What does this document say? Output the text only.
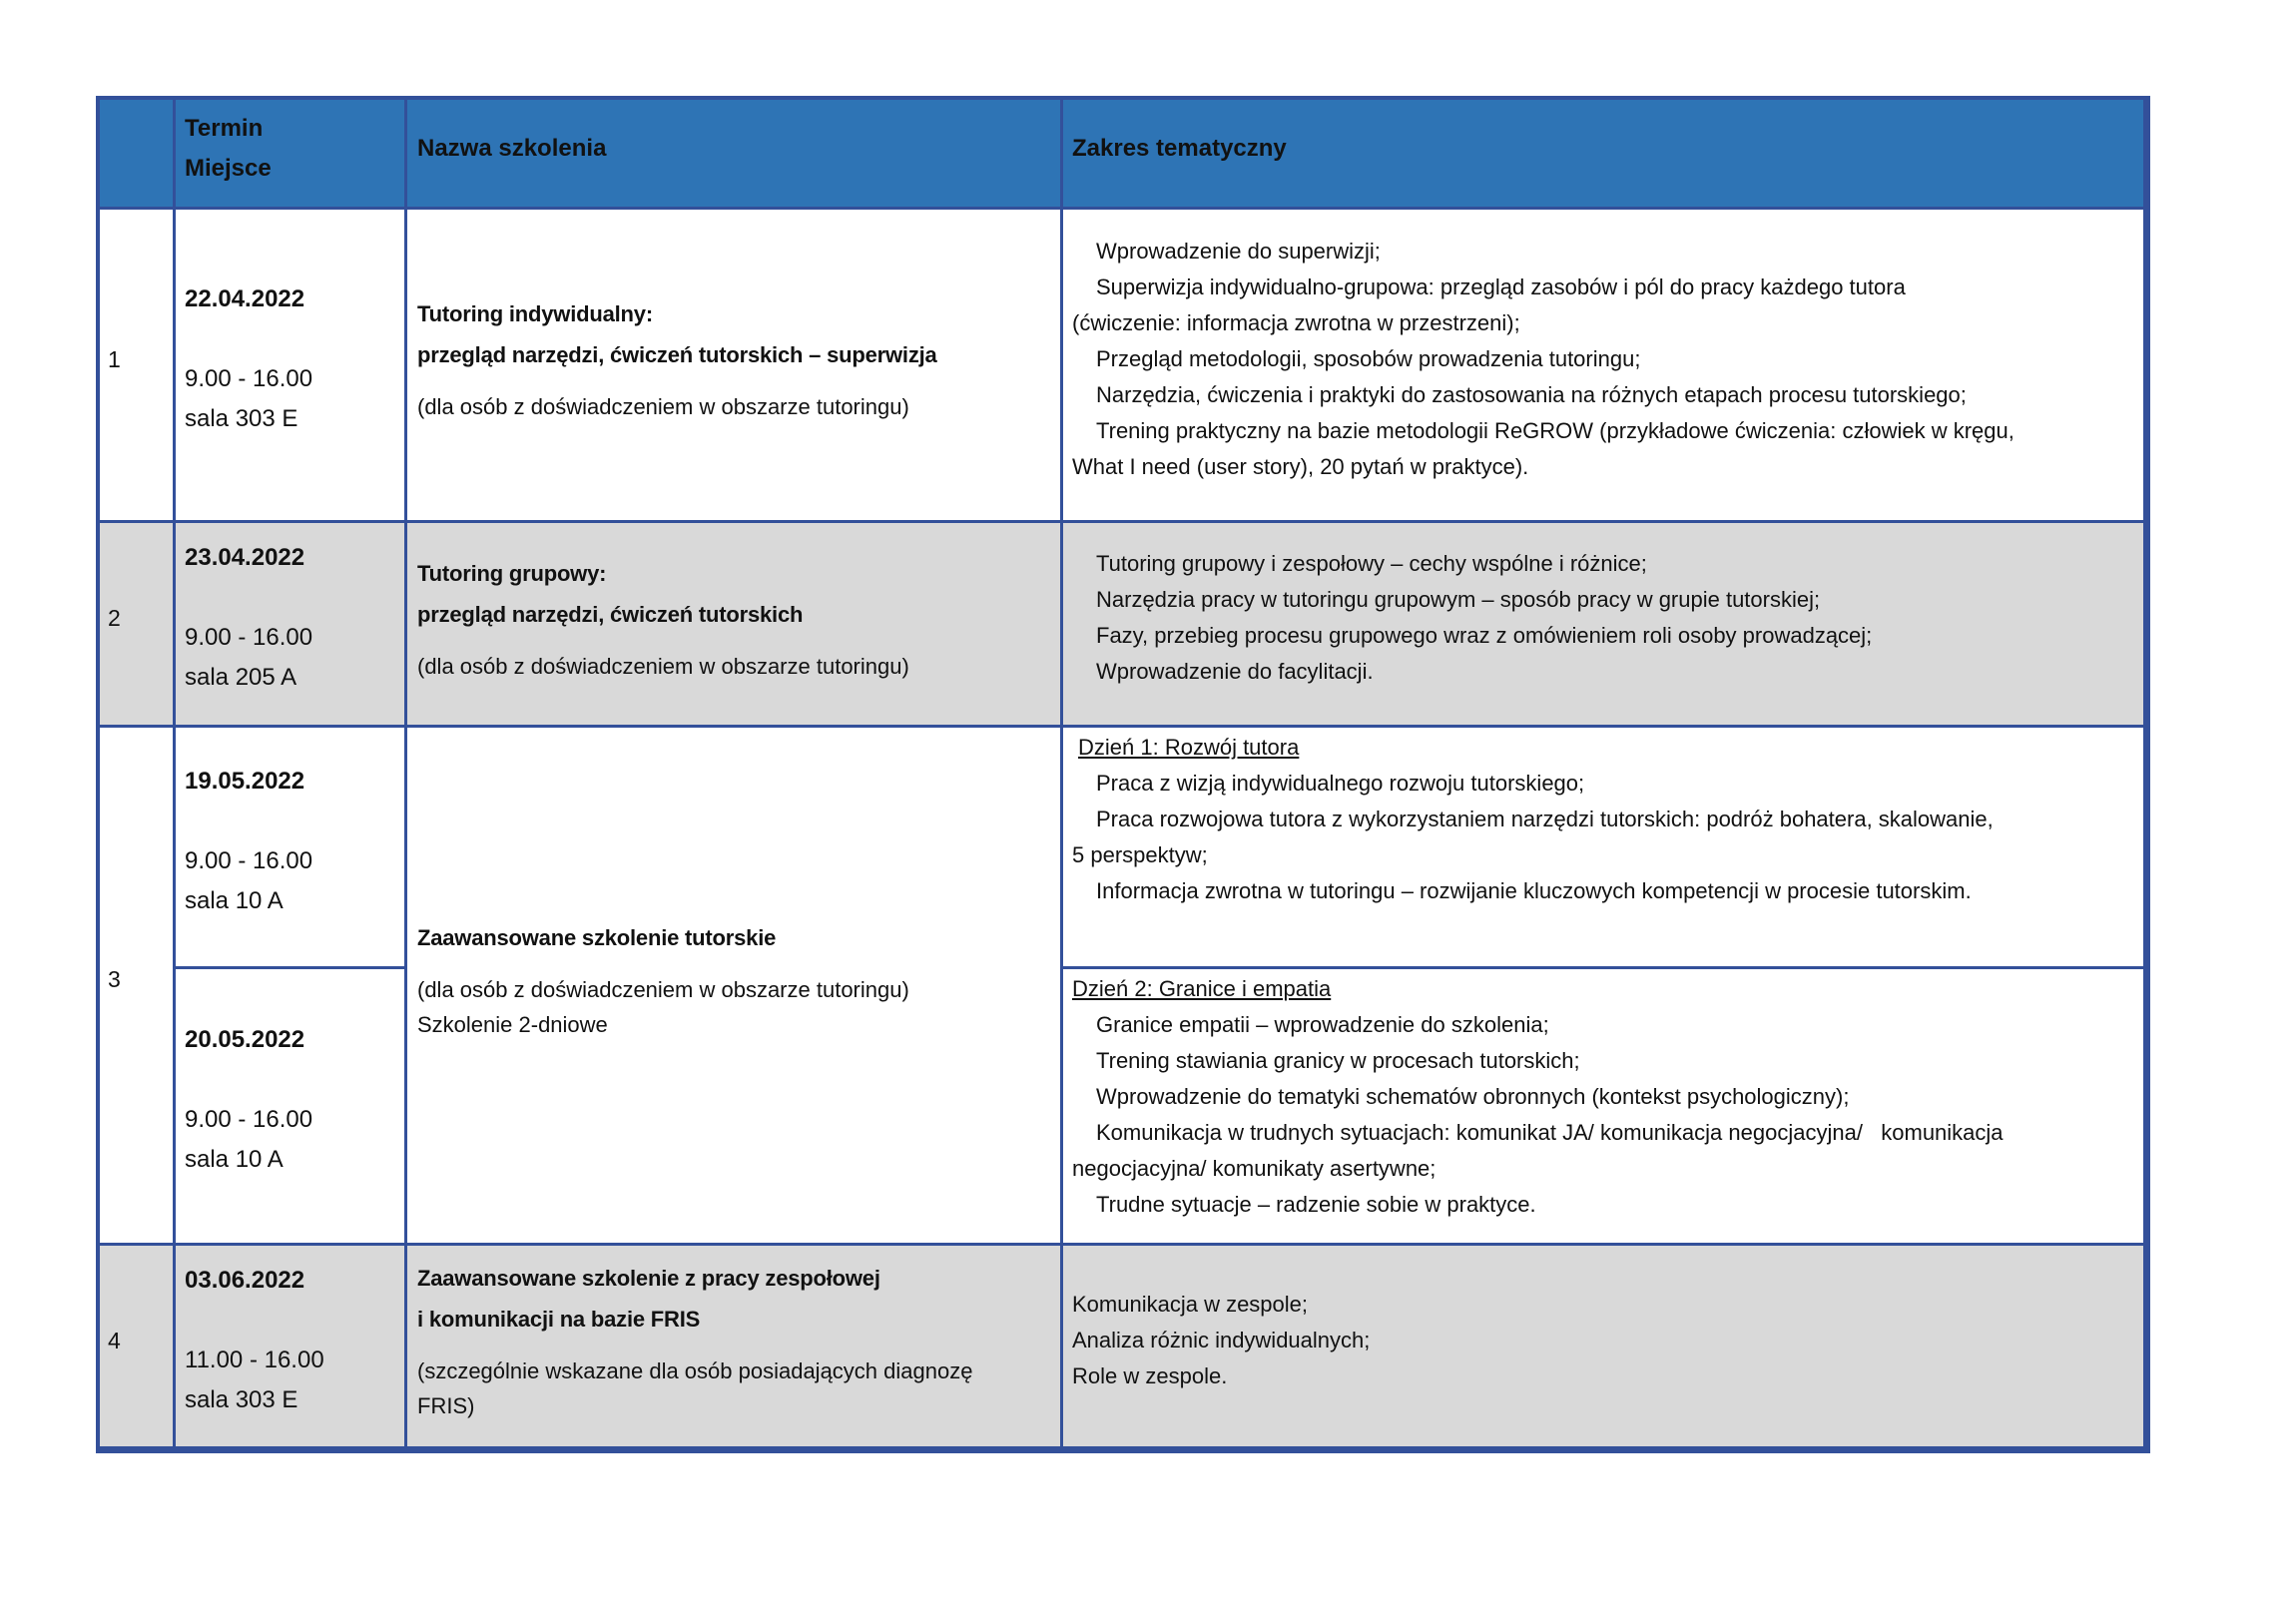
Termin
Miejsce
Nazwa szkolenia	Zakres tematyczny
1
22.04.2022
9.00 - 16.00
sala 303 E
Tutoring indywidualny:
przegląd narzędzi, ćwiczeń tutorskich – superwizja
(dla osób z doświadczeniem w obszarze tutoringu)
Wprowadzenie do superwizji;
Superwizja indywidualno-grupowa: przegląd zasobów i pól do pracy każdego tutora
(ćwiczenie: informacja zwrotna w przestrzeni);
Przegląd metodologii, sposobów prowadzenia tutoringu;
Narzędzia, ćwiczenia i praktyki do zastosowania na różnych etapach procesu tutorskiego;
Trening praktyczny na bazie metodologii ReGROW (przykładowe ćwiczenia: człowiek w kręgu,
What I need (user story), 20 pytań w praktyce).
2
23.04.2022
9.00 - 16.00
sala 205 A
Tutoring grupowy:
przegląd narzędzi, ćwiczeń tutorskich
(dla osób z doświadczeniem w obszarze tutoringu)
Tutoring grupowy i zespołowy – cechy wspólne i różnice;
Narzędzia pracy w tutoringu grupowym – sposób pracy w grupie tutorskiej;
Fazy, przebieg procesu grupowego wraz z omówieniem roli osoby prowadzącej;
Wprowadzenie do facylitacji.
3
19.05.2022
9.00 - 16.00
sala 10 A
20.05.2022
9.00 - 16.00
sala 10 A
Zaawansowane szkolenie tutorskie
(dla osób z doświadczeniem w obszarze tutoringu)
Szkolenie 2-dniowe
Dzień 1: Rozwój tutora
Praca z wizją indywidualnego rozwoju tutorskiego;
Praca rozwojowa tutora z wykorzystaniem narzędzi tutorskich: podróż bohatera, skalowanie,
5 perspektyw;
Informacja zwrotna w tutoringu – rozwijanie kluczowych kompetencji w procesie tutorskim.
Dzień 2: Granice i empatia
Granice empatii – wprowadzenie do szkolenia;
Trening stawiania granicy w procesach tutorskich;
Wprowadzenie do tematyki schematów obronnych (kontekst psychologiczny);
Komunikacja w trudnych sytuacjach: komunikat JA/ komunikacja negocjacyjna/   komunikacja
negocjacyjna/ komunikaty asertywne;
Trudne sytuacje – radzenie sobie w praktyce.
4
03.06.2022
11.00 - 16.00
sala 303 E
Zaawansowane szkolenie z pracy zespołowej
i komunikacji na bazie FRIS
(szczególnie wskazane dla osób posiadających diagnozę
FRIS)
Komunikacja w zespole;
Analiza różnic indywidualnych;
Role w zespole.
